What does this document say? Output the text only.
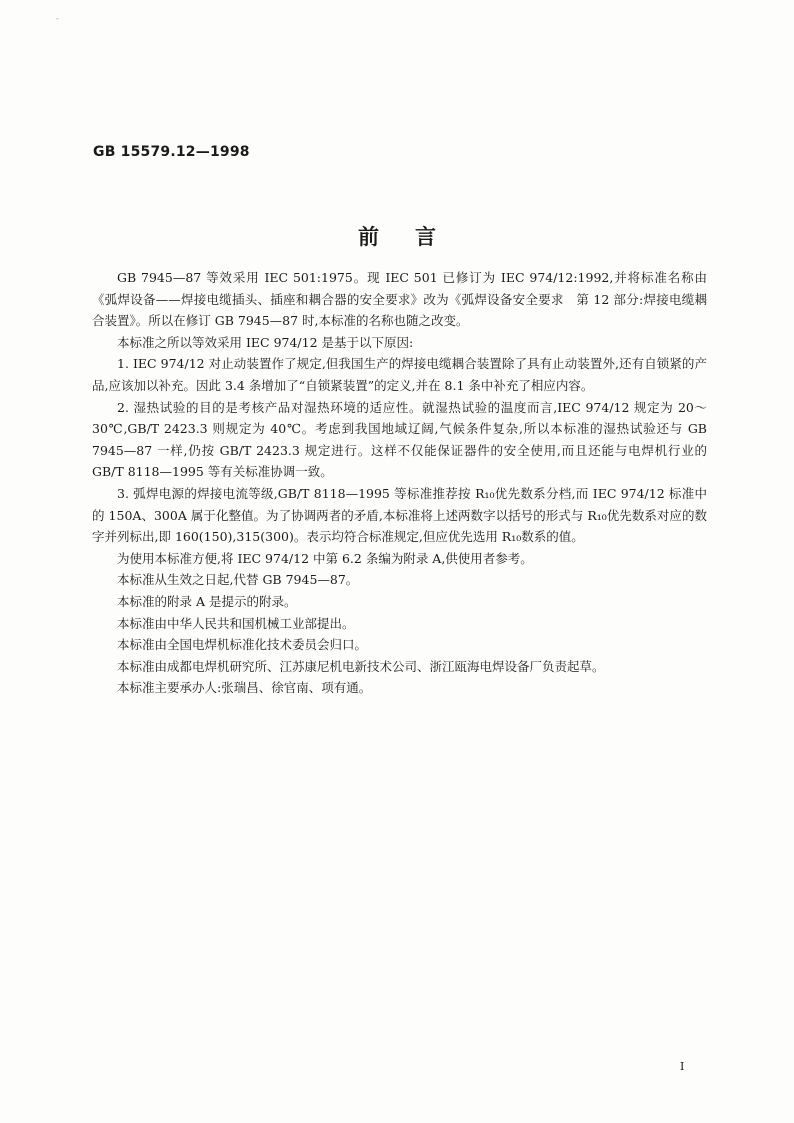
-
GB 15579.12—1998
前言

GB 7945—87 等效采用 IEC 501:1975。现 IEC 501 已修订为 IEC 974/12:1992,并将标准名称由《弧焊设备——焊接电缆插头、插座和耦合器的安全要求》改为《弧焊设备安全要求　第 12 部分:焊接电缆耦合装置》。所以在修订 GB 7945—87 时,本标准的名称也随之改变。

本标准之所以等效采用 IEC 974/12 是基于以下原因:

1. IEC 974/12 对止动装置作了规定,但我国生产的焊接电缆耦合装置除了具有止动装置外,还有自锁紧的产品,应该加以补充。因此 3.4 条增加了“自锁紧装置”的定义,并在 8.1 条中补充了相应内容。

2. 湿热试验的目的是考核产品对湿热环境的适应性。就湿热试验的温度而言,IEC 974/12 规定为 20～30℃,GB/T 2423.3 则规定为 40℃。考虑到我国地域辽阔,气候条件复杂,所以本标准的湿热试验还与 GB 7945—87 一样,仍按 GB/T 2423.3 规定进行。这样不仅能保证器件的安全使用,而且还能与电焊机行业的 GB/T 8118—1995 等有关标准协调一致。

3. 弧焊电源的焊接电流等级,GB/T 8118—1995 等标准推荐按 R₁₀优先数系分档,而 IEC 974/12 标准中的 150A、300A 属于化整值。为了协调两者的矛盾,本标准将上述两数字以括号的形式与 R₁₀优先数系对应的数字并列标出,即 160(150),315(300)。表示均符合标准规定,但应优先选用 R₁₀数系的值。

为使用本标准方便,将 IEC 974/12 中第 6.2 条编为附录 A,供使用者参考。

本标准从生效之日起,代替 GB 7945—87。

本标准的附录 A 是提示的附录。

本标准由中华人民共和国机械工业部提出。

本标准由全国电焊机标准化技术委员会归口。

本标准由成都电焊机研究所、江苏康尼机电新技术公司、浙江瓯海电焊设备厂负责起草。

本标准主要承办人:张瑞昌、徐官南、项有通。

I
